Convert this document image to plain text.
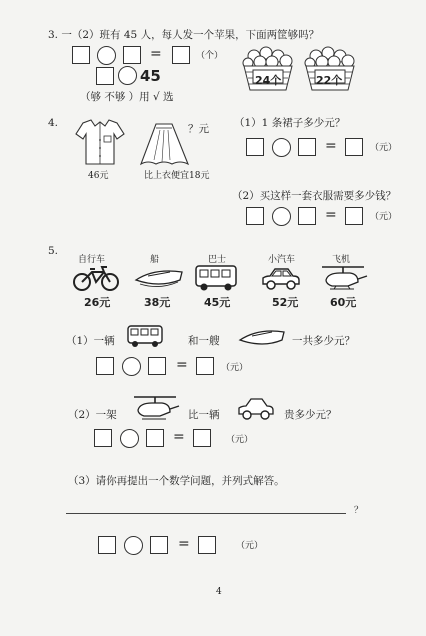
3. 一（2）班有 45 人，每人发一个苹果，下面两筐够吗？
=	（个）
45
（够 不够 ）用 √ 选
24个	22个
4.
46元
？元
比上衣便宜18元
（1）1 条裙子多少元？
=	（元）
（2）买这样一套衣服需要多少钱？
=	（元）
5.
自行车	船	巴士	小汽车	飞机
26元	38元	45元	52元	60元
（1）一辆	和一艘	一共多少元？
=	（元）
（2）一架	比一辆	贵多少元？
=	（元）
（3）请你再提出一个数学问题，并列式解答。
？
=	（元）
4
